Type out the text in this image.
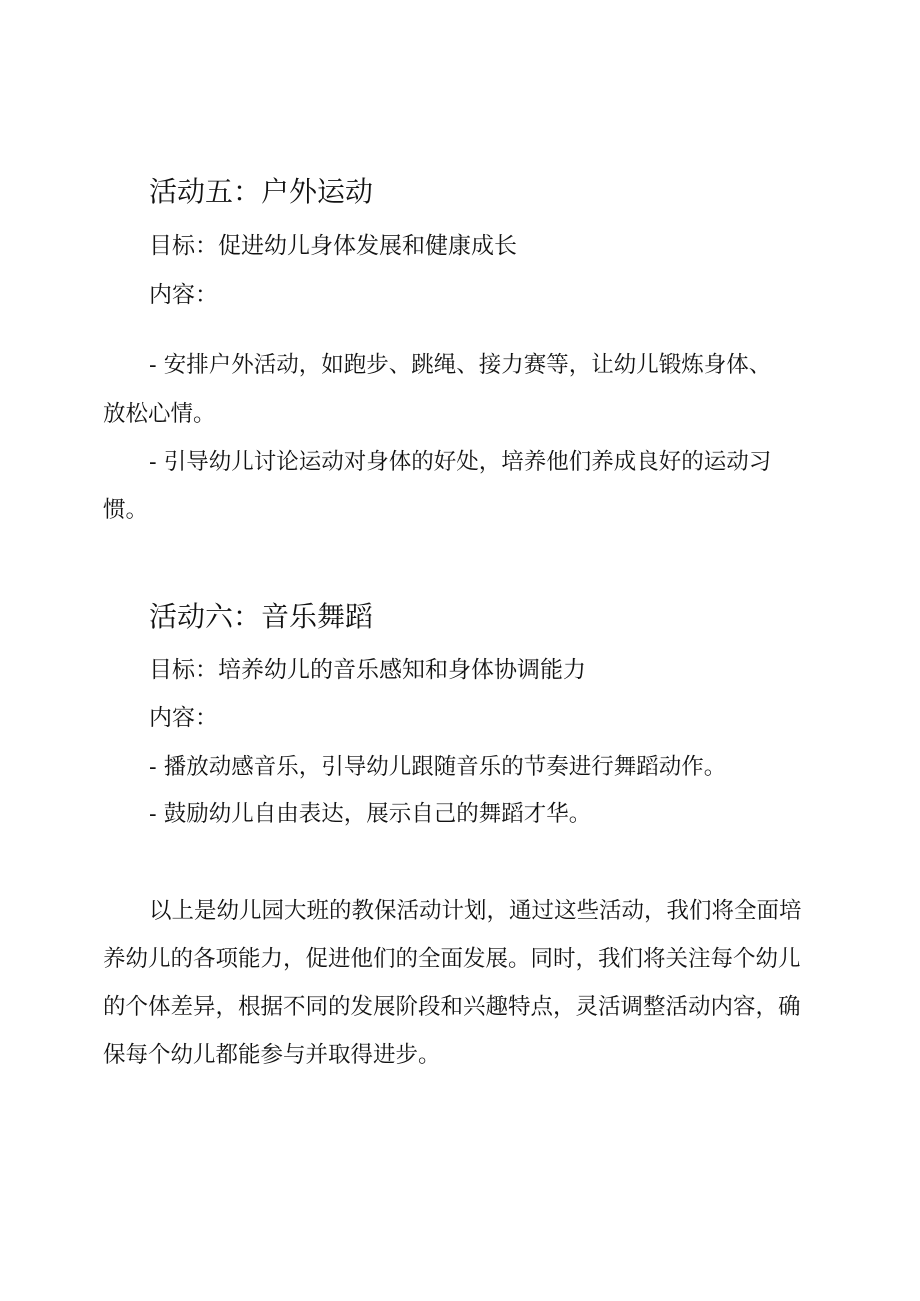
活动五：户外运动
目标：促进幼儿身体发展和健康成长
内容：
- 安排户外活动，如跑步、跳绳、接力赛等，让幼儿锻炼身体、
放松心情。
- 引导幼儿讨论运动对身体的好处，培养他们养成良好的运动习
惯。
活动六：音乐舞蹈
目标：培养幼儿的音乐感知和身体协调能力
内容：
- 播放动感音乐，引导幼儿跟随音乐的节奏进行舞蹈动作。
- 鼓励幼儿自由表达，展示自己的舞蹈才华。
以上是幼儿园大班的教保活动计划，通过这些活动，我们将全面培
养幼儿的各项能力，促进他们的全面发展。同时，我们将关注每个幼儿
的个体差异，根据不同的发展阶段和兴趣特点，灵活调整活动内容，确
保每个幼儿都能参与并取得进步。
